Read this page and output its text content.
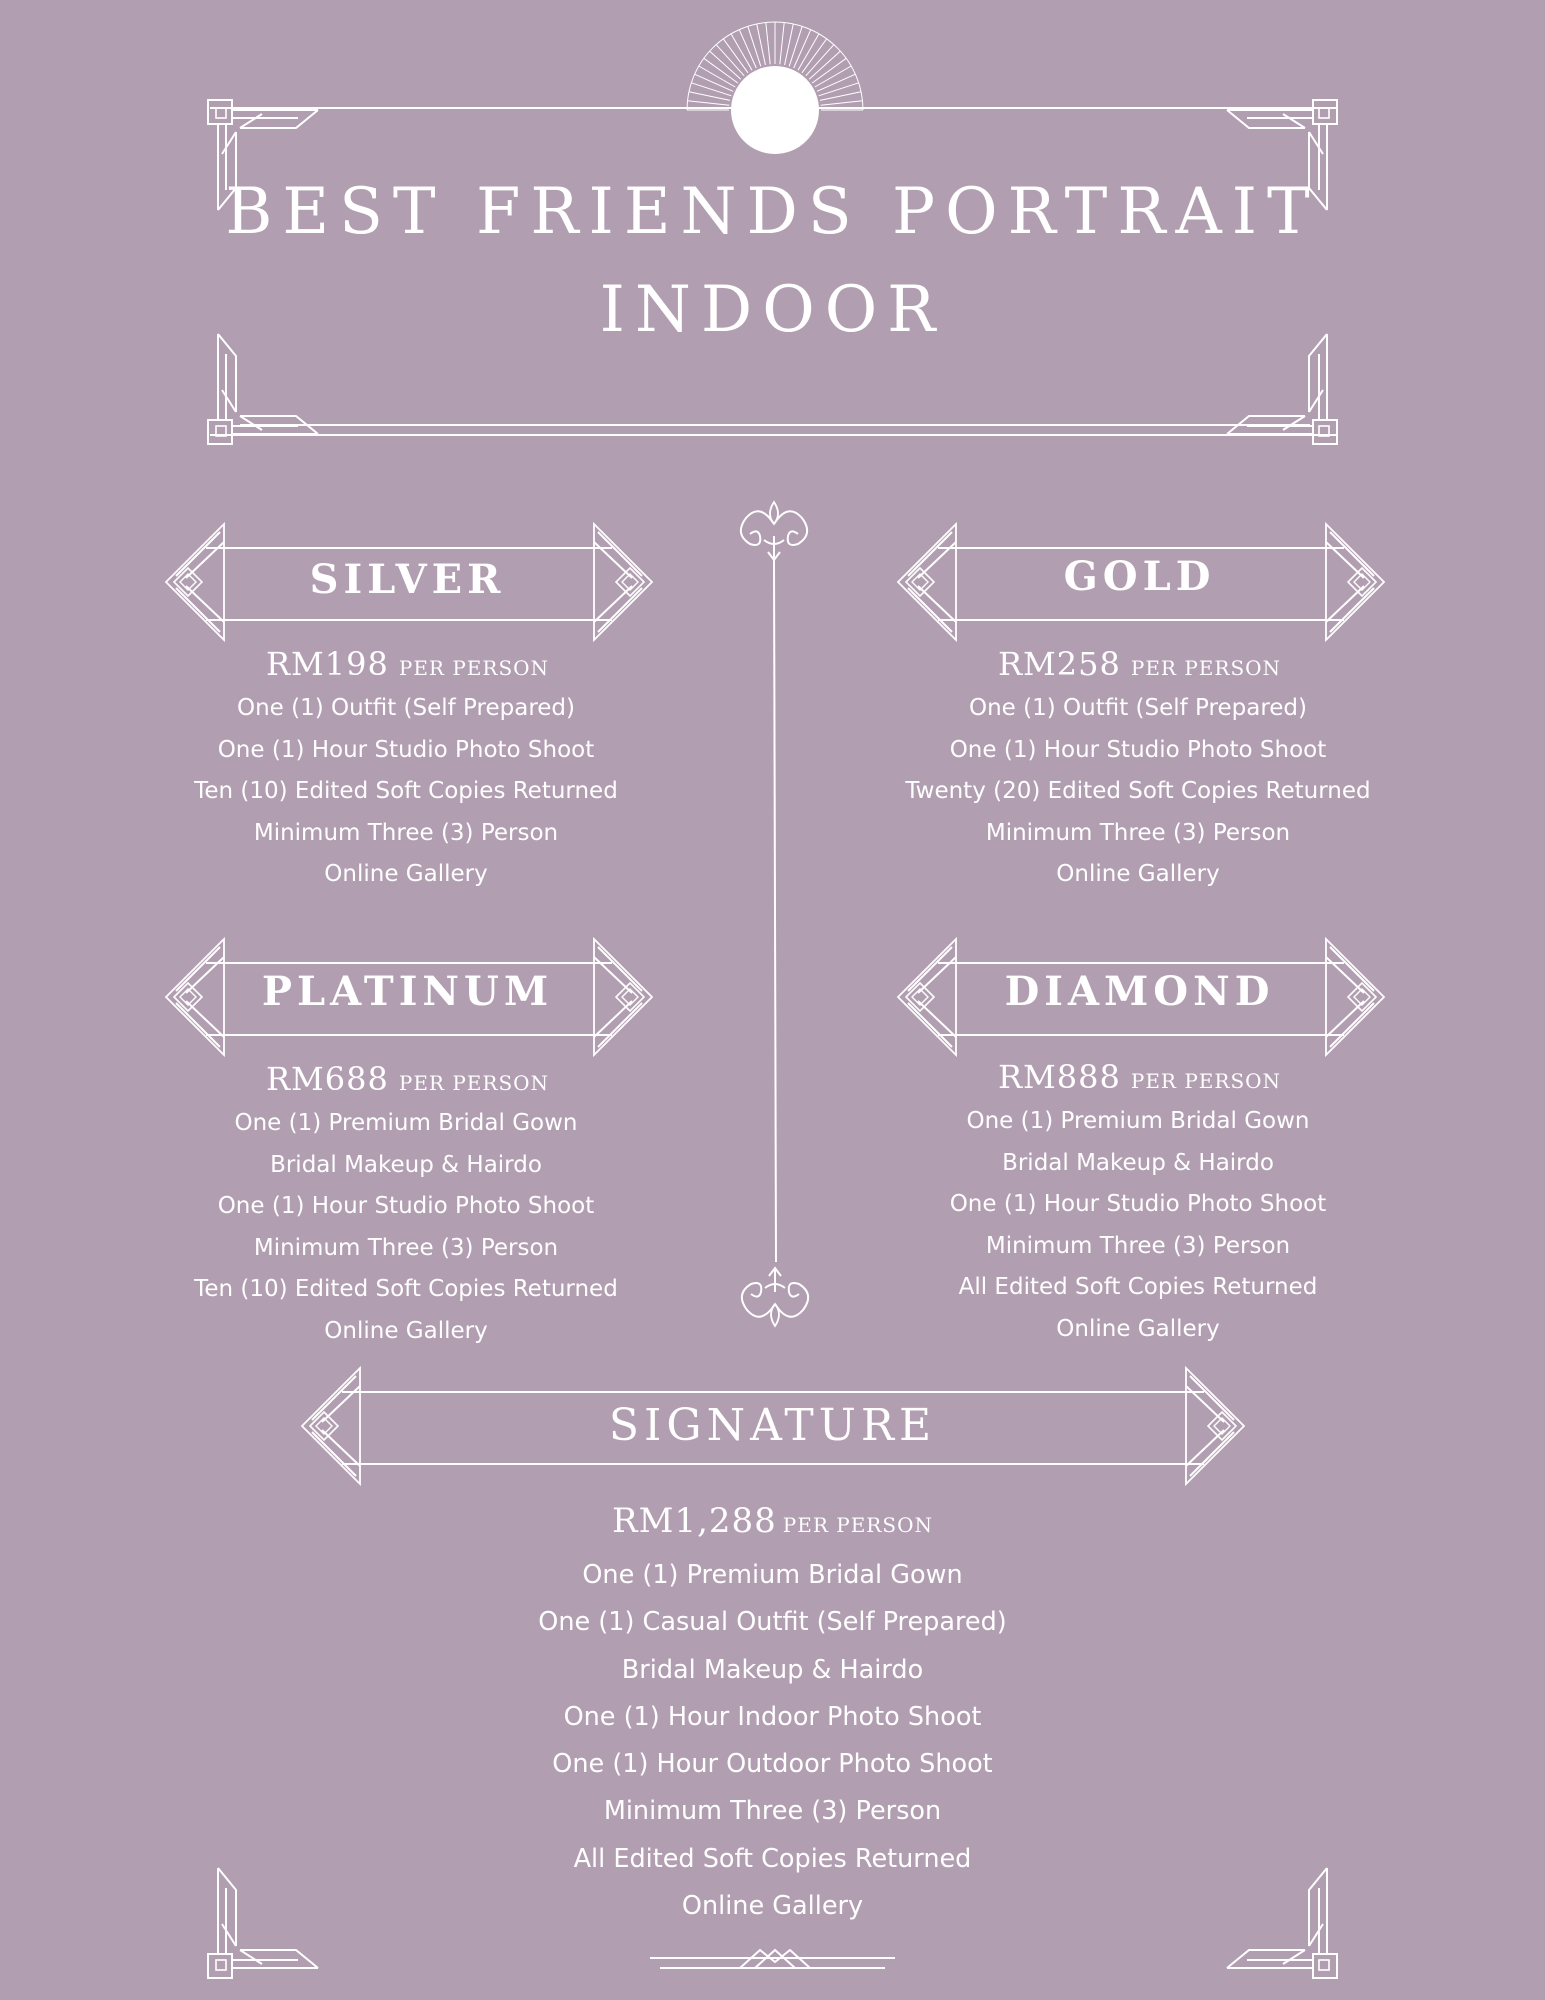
BEST FRIENDS PORTRAIT
INDOOR
SILVER
RM198 PER PERSON
One (1) Outfit (Self Prepared)
One (1) Hour Studio Photo Shoot
Ten (10) Edited Soft Copies Returned
Minimum Three (3) Person
Online Gallery
GOLD
RM258 PER PERSON
One (1) Outfit (Self Prepared)
One (1) Hour Studio Photo Shoot
Twenty (20) Edited Soft Copies Returned
Minimum Three (3) Person
Online Gallery
PLATINUM
RM688 PER PERSON
One (1) Premium Bridal Gown
Bridal Makeup & Hairdo
One (1) Hour Studio Photo Shoot
Minimum Three (3) Person
Ten (10) Edited Soft Copies Returned
Online Gallery
DIAMOND
RM888 PER PERSON
One (1) Premium Bridal Gown
Bridal Makeup & Hairdo
One (1) Hour Studio Photo Shoot
Minimum Three (3) Person
All Edited Soft Copies Returned
Online Gallery
SIGNATURE
RM1,288 PER PERSON
One (1) Premium Bridal Gown
One (1) Casual Outfit (Self Prepared)
Bridal Makeup & Hairdo
One (1) Hour Indoor Photo Shoot
One (1) Hour Outdoor Photo Shoot
Minimum Three (3) Person
All Edited Soft Copies Returned
Online Gallery
